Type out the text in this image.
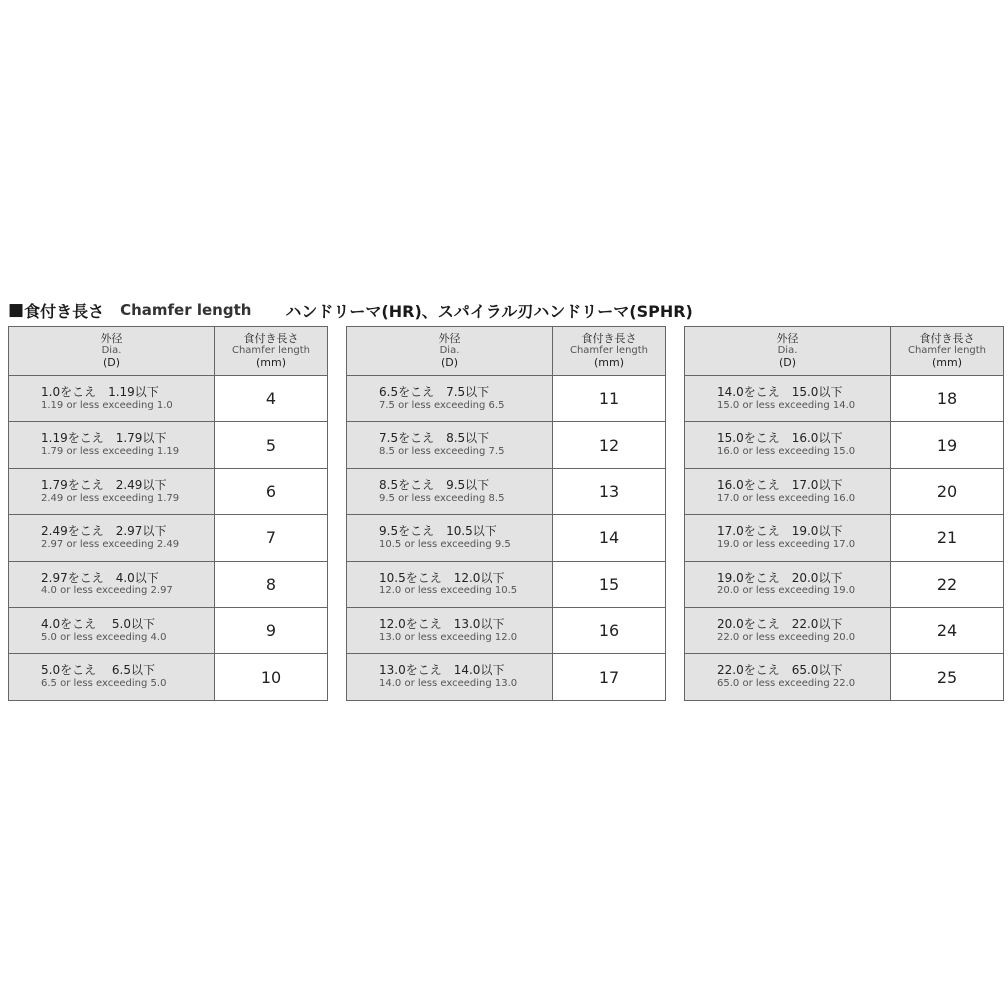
■ 食付き長さ Chamfer length ハンドリーマ(HR)、スパイラル刃ハンドリーマ(SPHR)
外径
Dia.
(D)	食付き長さ
Chamfer length
(mm)

1.0をこえ　1.19以下
1.19 or less exceeding 1.0	4

1.19をこえ　1.79以下
1.79 or less exceeding 1.19	5

1.79をこえ　2.49以下
2.49 or less exceeding 1.79	6

2.49をこえ　2.97以下
2.97 or less exceeding 2.49	7

2.97をこえ　4.0以下
4.0 or less exceeding 2.97	8

4.0をこえ　 5.0以下
5.0 or less exceeding 4.0	9

5.0をこえ　 6.5以下
6.5 or less exceeding 5.0	10
外径
Dia.
(D)	食付き長さ
Chamfer length
(mm)

6.5をこえ　7.5以下
7.5 or less exceeding 6.5	11

7.5をこえ　8.5以下
8.5 or less exceeding 7.5	12

8.5をこえ　9.5以下
9.5 or less exceeding 8.5	13

9.5をこえ　10.5以下
10.5 or less exceeding 9.5	14

10.5をこえ　12.0以下
12.0 or less exceeding 10.5	15

12.0をこえ　13.0以下
13.0 or less exceeding 12.0	16

13.0をこえ　14.0以下
14.0 or less exceeding 13.0	17
外径
Dia.
(D)	食付き長さ
Chamfer length
(mm)

14.0をこえ　15.0以下
15.0 or less exceeding 14.0	18

15.0をこえ　16.0以下
16.0 or less exceeding 15.0	19

16.0をこえ　17.0以下
17.0 or less exceeding 16.0	20

17.0をこえ　19.0以下
19.0 or less exceeding 17.0	21

19.0をこえ　20.0以下
20.0 or less exceeding 19.0	22

20.0をこえ　22.0以下
22.0 or less exceeding 20.0	24

22.0をこえ　65.0以下
65.0 or less exceeding 22.0	25
